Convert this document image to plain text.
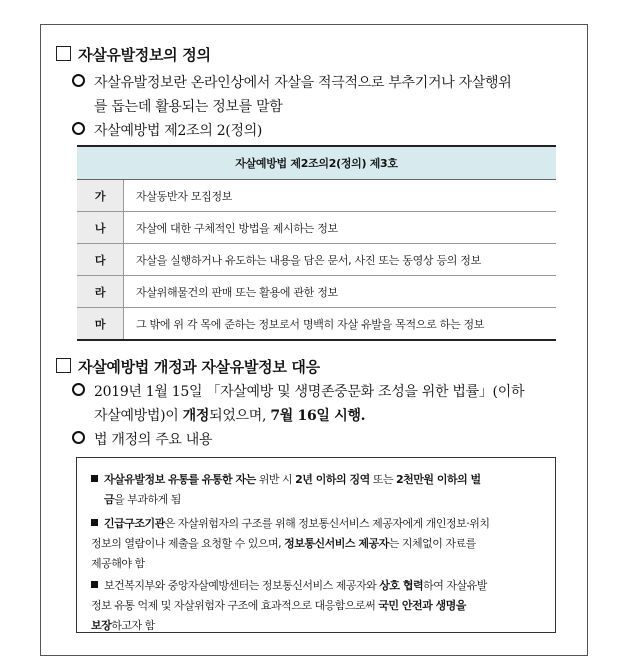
자살유발정보의 정의
자살유발정보란 온라인상에서 자살을 적극적으로 부추기거나 자살행위
를 돕는데 활용되는 정보를 말함
자살예방법 제2조의 2(정의)
자살예방법 제2조의2(정의) 제3호	
가	자살동반자 모집정보
나	자살에 대한 구체적인 방법을 제시하는 정보
다	자살을 실행하거나 유도하는 내용을 담은 문서, 사진 또는 동영상 등의 정보
라	자살위해물건의 판매 또는 활용에 관한 정보
마	그 밖에 위 각 목에 준하는 정보로서 명백히 자살 유발을 목적으로 하는 정보
자살예방법 개정과 자살유발정보 대응
2019년 1월 15일 「자살예방 및 생명존중문화 조성을 위한 법률」(이하
자살예방법)이 개정되었으며, 7월 16일 시행.
법 개정의 주요 내용
자살유발정보 유통를 유통한 자는 위반 시 2년 이하의 징역 또는 2천만원 이하의 벌
금을 부과하게 됨
긴급구조기관은 자살위험자의 구조를 위해 정보통신서비스 제공자에게 개인정보·위치
정보의 열람이나 제출을 요청할 수 있으며, 정보통신서비스 제공자는 지체없이 자료를
제공해야 함
보건복지부와 중앙자살예방센터는 정보통신서비스 제공자와 상호 협력하여 자살유발
정보 유통 억제 및 자살위험자 구조에 효과적으로 대응함으로써 국민 안전과 생명을
보장하고자 함
